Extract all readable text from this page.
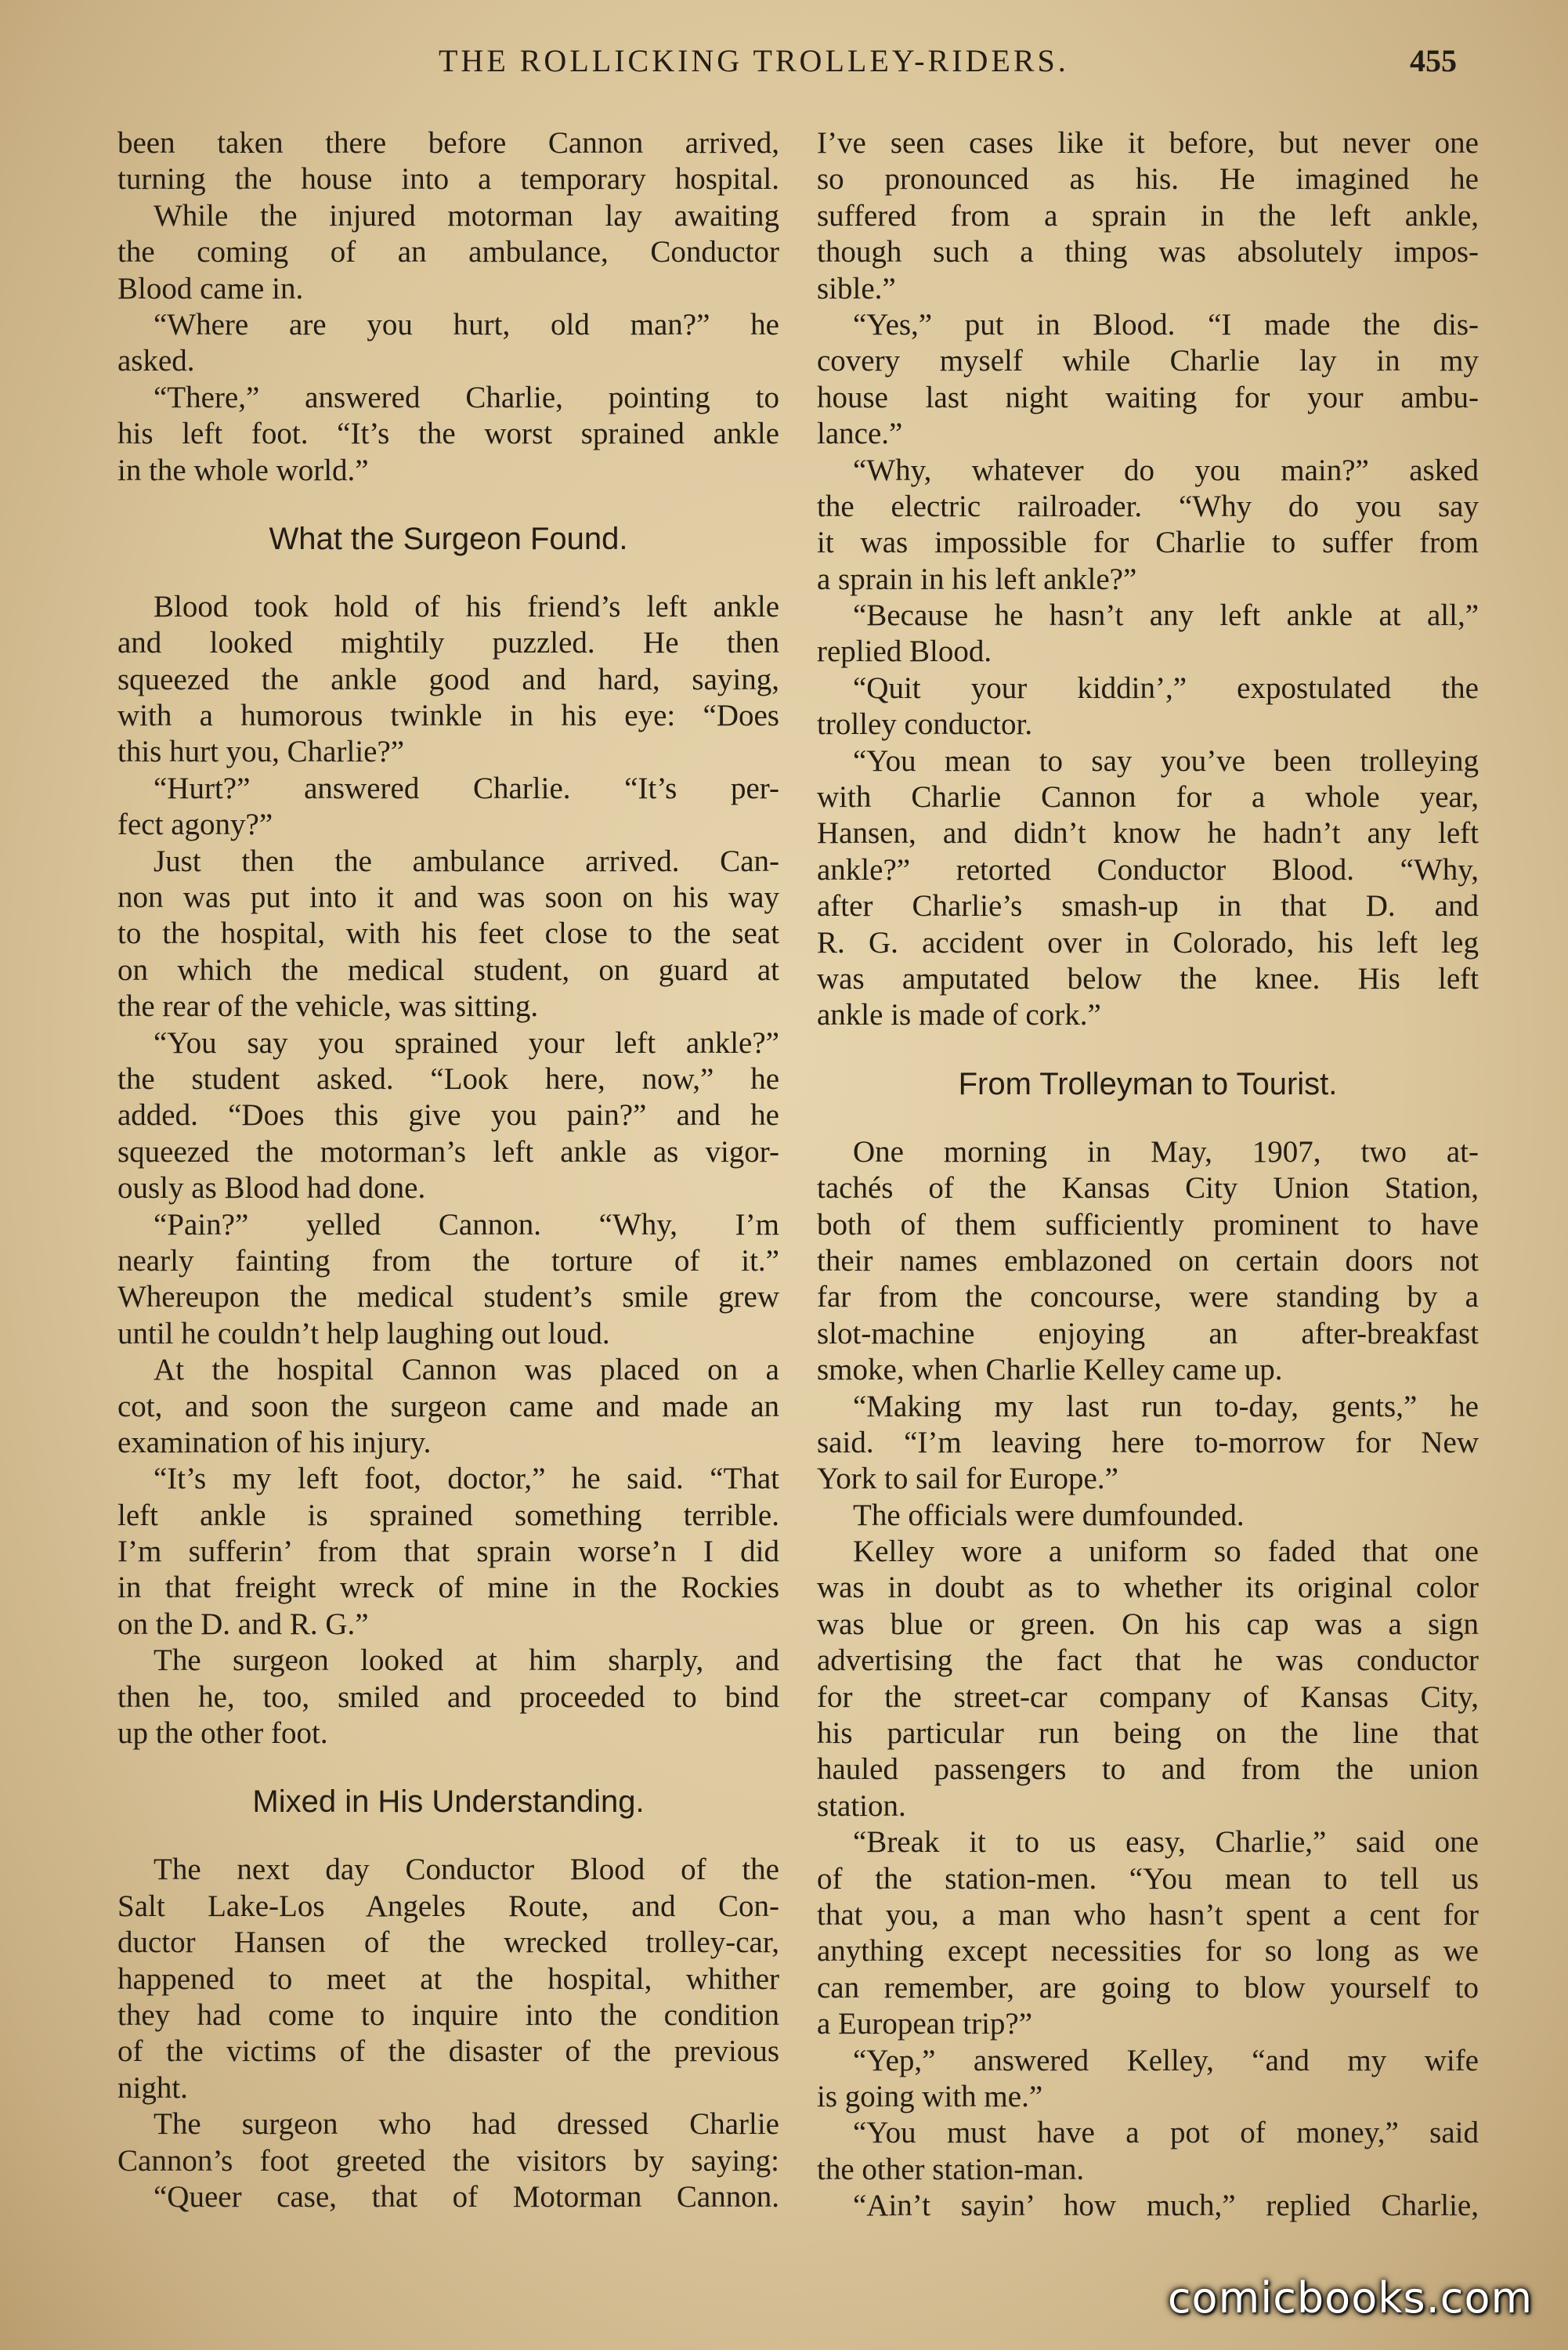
THE ROLLICKING TROLLEY-RIDERS.	455
been taken there before Cannon arrived,
turning the house into a temporary hospital.
While the injured motorman lay awaiting
the coming of an ambulance, Conductor
Blood came in.
“Where are you hurt, old man?” he
asked.
“There,” answered Charlie, pointing to
his left foot. “It’s the worst sprained ankle
in the whole world.”
What the Surgeon Found.
Blood took hold of his friend’s left ankle
and looked mightily puzzled. He then
squeezed the ankle good and hard, saying,
with a humorous twinkle in his eye: “Does
this hurt you, Charlie?”
“Hurt?” answered Charlie. “It’s per-
fect agony?”
Just then the ambulance arrived. Can-
non was put into it and was soon on his way
to the hospital, with his feet close to the seat
on which the medical student, on guard at
the rear of the vehicle, was sitting.
“You say you sprained your left ankle?”
the student asked. “Look here, now,” he
added. “Does this give you pain?” and he
squeezed the motorman’s left ankle as vigor-
ously as Blood had done.
“Pain?” yelled Cannon. “Why, I’m
nearly fainting from the torture of it.”
Whereupon the medical student’s smile grew
until he couldn’t help laughing out loud.
At the hospital Cannon was placed on a
cot, and soon the surgeon came and made an
examination of his injury.
“It’s my left foot, doctor,” he said. “That
left ankle is sprained something terrible.
I’m sufferin’ from that sprain worse’n I did
in that freight wreck of mine in the Rockies
on the D. and R. G.”
The surgeon looked at him sharply, and
then he, too, smiled and proceeded to bind
up the other foot.
Mixed in His Understanding.
The next day Conductor Blood of the
Salt Lake-Los Angeles Route, and Con-
ductor Hansen of the wrecked trolley-car,
happened to meet at the hospital, whither
they had come to inquire into the condition
of the victims of the disaster of the previous
night.
The surgeon who had dressed Charlie
Cannon’s foot greeted the visitors by saying:
“Queer case, that of Motorman Cannon.
I’ve seen cases like it before, but never one
so pronounced as his. He imagined he
suffered from a sprain in the left ankle,
though such a thing was absolutely impos-
sible.”
“Yes,” put in Blood. “I made the dis-
covery myself while Charlie lay in my
house last night waiting for your ambu-
lance.”
“Why, whatever do you main?” asked
the electric railroader. “Why do you say
it was impossible for Charlie to suffer from
a sprain in his left ankle?”
“Because he hasn’t any left ankle at all,”
replied Blood.
“Quit your kiddin’,” expostulated the
trolley conductor.
“You mean to say you’ve been trolleying
with Charlie Cannon for a whole year,
Hansen, and didn’t know he hadn’t any left
ankle?” retorted Conductor Blood. “Why,
after Charlie’s smash-up in that D. and
R. G. accident over in Colorado, his left leg
was amputated below the knee. His left
ankle is made of cork.”
From Trolleyman to Tourist.
One morning in May, 1907, two at-
tachés of the Kansas City Union Station,
both of them sufficiently prominent to have
their names emblazoned on certain doors not
far from the concourse, were standing by a
slot-machine enjoying an after-breakfast
smoke, when Charlie Kelley came up.
“Making my last run to-day, gents,” he
said. “I’m leaving here to-morrow for New
York to sail for Europe.”
The officials were dumfounded.
Kelley wore a uniform so faded that one
was in doubt as to whether its original color
was blue or green. On his cap was a sign
advertising the fact that he was conductor
for the street-car company of Kansas City,
his particular run being on the line that
hauled passengers to and from the union
station.
“Break it to us easy, Charlie,” said one
of the station-men. “You mean to tell us
that you, a man who hasn’t spent a cent for
anything except necessities for so long as we
can remember, are going to blow yourself to
a European trip?”
“Yep,” answered Kelley, “and my wife
is going with me.”
“You must have a pot of money,” said
the other station-man.
“Ain’t sayin’ how much,” replied Charlie,
comicbooks.com
